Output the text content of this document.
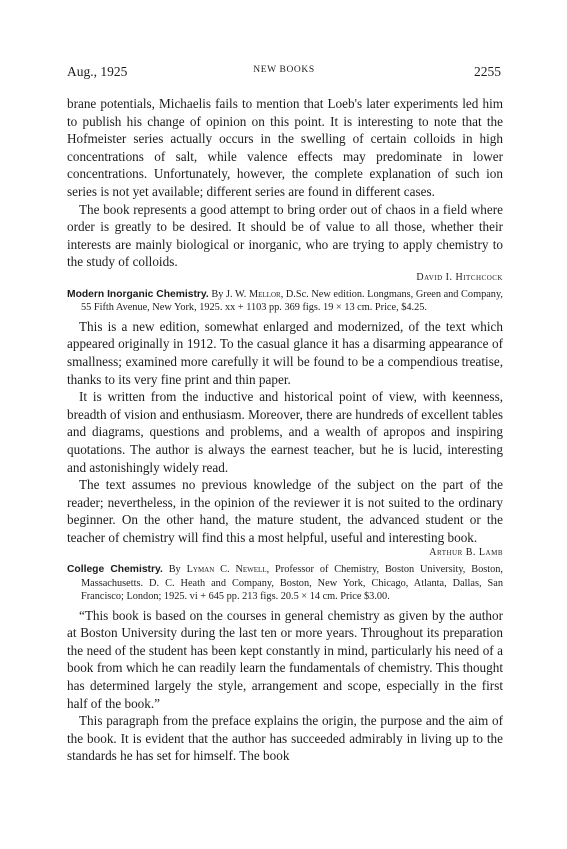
Aug., 1925	NEW BOOKS	2255

brane potentials, Michaelis fails to mention that Loeb's later experiments led him to publish his change of opinion on this point. It is interesting to note that the Hofmeister series actually occurs in the swelling of certain colloids in high concentrations of salt, while valence effects may predominate in lower concentrations. Unfortunately, however, the complete explanation of such ion series is not yet available; different series are found in different cases.

The book represents a good attempt to bring order out of chaos in a field where order is greatly to be desired. It should be of value to all those, whether their interests are mainly biological or inorganic, who are trying to apply chemistry to the study of colloids.

David I. Hitchcock
Modern Inorganic Chemistry. By J. W. Mellor, D.Sc. New edition. Longmans, Green and Company, 55 Fifth Avenue, New York, 1925. xx + 1103 pp. 369 figs. 19 × 13 cm. Price, $4.25.

This is a new edition, somewhat enlarged and modernized, of the text which appeared originally in 1912. To the casual glance it has a disarming appearance of smallness; examined more carefully it will be found to be a compendious treatise, thanks to its very fine print and thin paper.

It is written from the inductive and historical point of view, with keenness, breadth of vision and enthusiasm. Moreover, there are hundreds of excellent tables and diagrams, questions and problems, and a wealth of apropos and inspiring quotations. The author is always the earnest teacher, but he is lucid, interesting and astonishingly widely read.

The text assumes no previous knowledge of the subject on the part of the reader; nevertheless, in the opinion of the reviewer it is not suited to the ordinary beginner. On the other hand, the mature student, the advanced student or the teacher of chemistry will find this a most helpful, useful and interesting book.

Arthur B. Lamb
College Chemistry. By Lyman C. Newell, Professor of Chemistry, Boston University, Boston, Massachusetts. D. C. Heath and Company, Boston, New York, Chicago, Atlanta, Dallas, San Francisco; London; 1925. vi + 645 pp. 213 figs. 20.5 × 14 cm. Price $3.00.

“This book is based on the courses in general chemistry as given by the author at Boston University during the last ten or more years. Throughout its preparation the need of the student has been kept constantly in mind, particularly his need of a book from which he can readily learn the fundamentals of chemistry. This thought has determined largely the style, arrangement and scope, especially in the first half of the book.”

This paragraph from the preface explains the origin, the purpose and the aim of the book. It is evident that the author has succeeded admirably in living up to the standards he has set for himself. The book
